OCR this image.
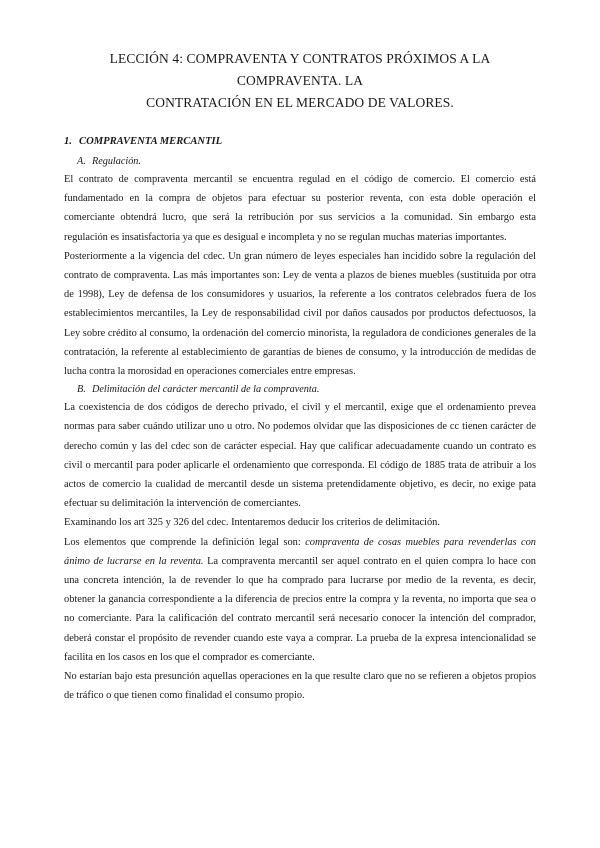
LECCIÓN 4: COMPRAVENTA Y CONTRATOS PRÓXIMOS A LA COMPRAVENTA. LA
CONTRATACIÓN EN EL MERCADO DE VALORES.
1. COMPRAVENTA MERCANTIL
A. Regulación.

El contrato de compraventa mercantil se encuentra regulad en el código de comercio. El comercio está fundamentado en la compra de objetos para efectuar su posterior reventa, con esta doble operación el comerciante obtendrá lucro, que será la retribución por sus servicios a la comunidad. Sin embargo esta regulación es insatisfactoria ya que es desigual e incompleta y no se regulan muchas materias importantes.

Posteriormente a la vigencia del cdec. Un gran número de leyes especiales han incidido sobre la regulación del contrato de compraventa. Las más importantes son: Ley de venta a plazos de bienes muebles (sustituida por otra de 1998), Ley de defensa de los consumidores y usuarios, la referente a los contratos celebrados fuera de los establecimientos mercantiles, la Ley de responsabilidad civil por daños causados por productos defectuosos, la Ley sobre crédito al consumo, la ordenación del comercio minorista, la reguladora de condiciones generales de la contratación, la referente al establecimiento de garantías de bienes de consumo, y la introducción de medidas de lucha contra la morosidad en operaciones comerciales entre empresas.

B. Delimitación del carácter mercantil de la compraventa.

La coexistencia de dos códigos de derecho privado, el civil y el mercantil, exige que el ordenamiento prevea normas para saber cuándo utilizar uno u otro. No podemos olvidar que las disposiciones de cc tienen carácter de derecho común y las del cdec son de carácter especial. Hay que calificar adecuadamente cuando un contrato es civil o mercantil para poder aplicarle el ordenamiento que corresponda. El código de 1885 trata de atribuir a los actos de comercio la cualidad de mercantil desde un sistema pretendidamente objetivo, es decir, no exige pata efectuar su delimitación la intervención de comerciantes.

Examinando los art 325 y 326 del cdec. Intentaremos deducir los criterios de delimitación.

Los elementos que comprende la definición legal son: compraventa de cosas muebles para revenderlas con ánimo de lucrarse en la reventa. La compraventa mercantil ser aquel contrato en el quien compra lo hace con una concreta intención, la de revender lo que ha comprado para lucrarse por medio de la reventa, es decir, obtener la ganancia correspondiente a la diferencia de precios entre la compra y la reventa, no importa que sea o no comerciante. Para la calificación del contrato mercantil será necesario conocer la intención del comprador, deberá constar el propósito de revender cuando este vaya a comprar. La prueba de la expresa intencionalidad se facilita en los casos en los que el comprador es comerciante.

No estarían bajo esta presunción aquellas operaciones en la que resulte claro que no se refieren a objetos propios de tráfico o que tienen como finalidad el consumo propio.
